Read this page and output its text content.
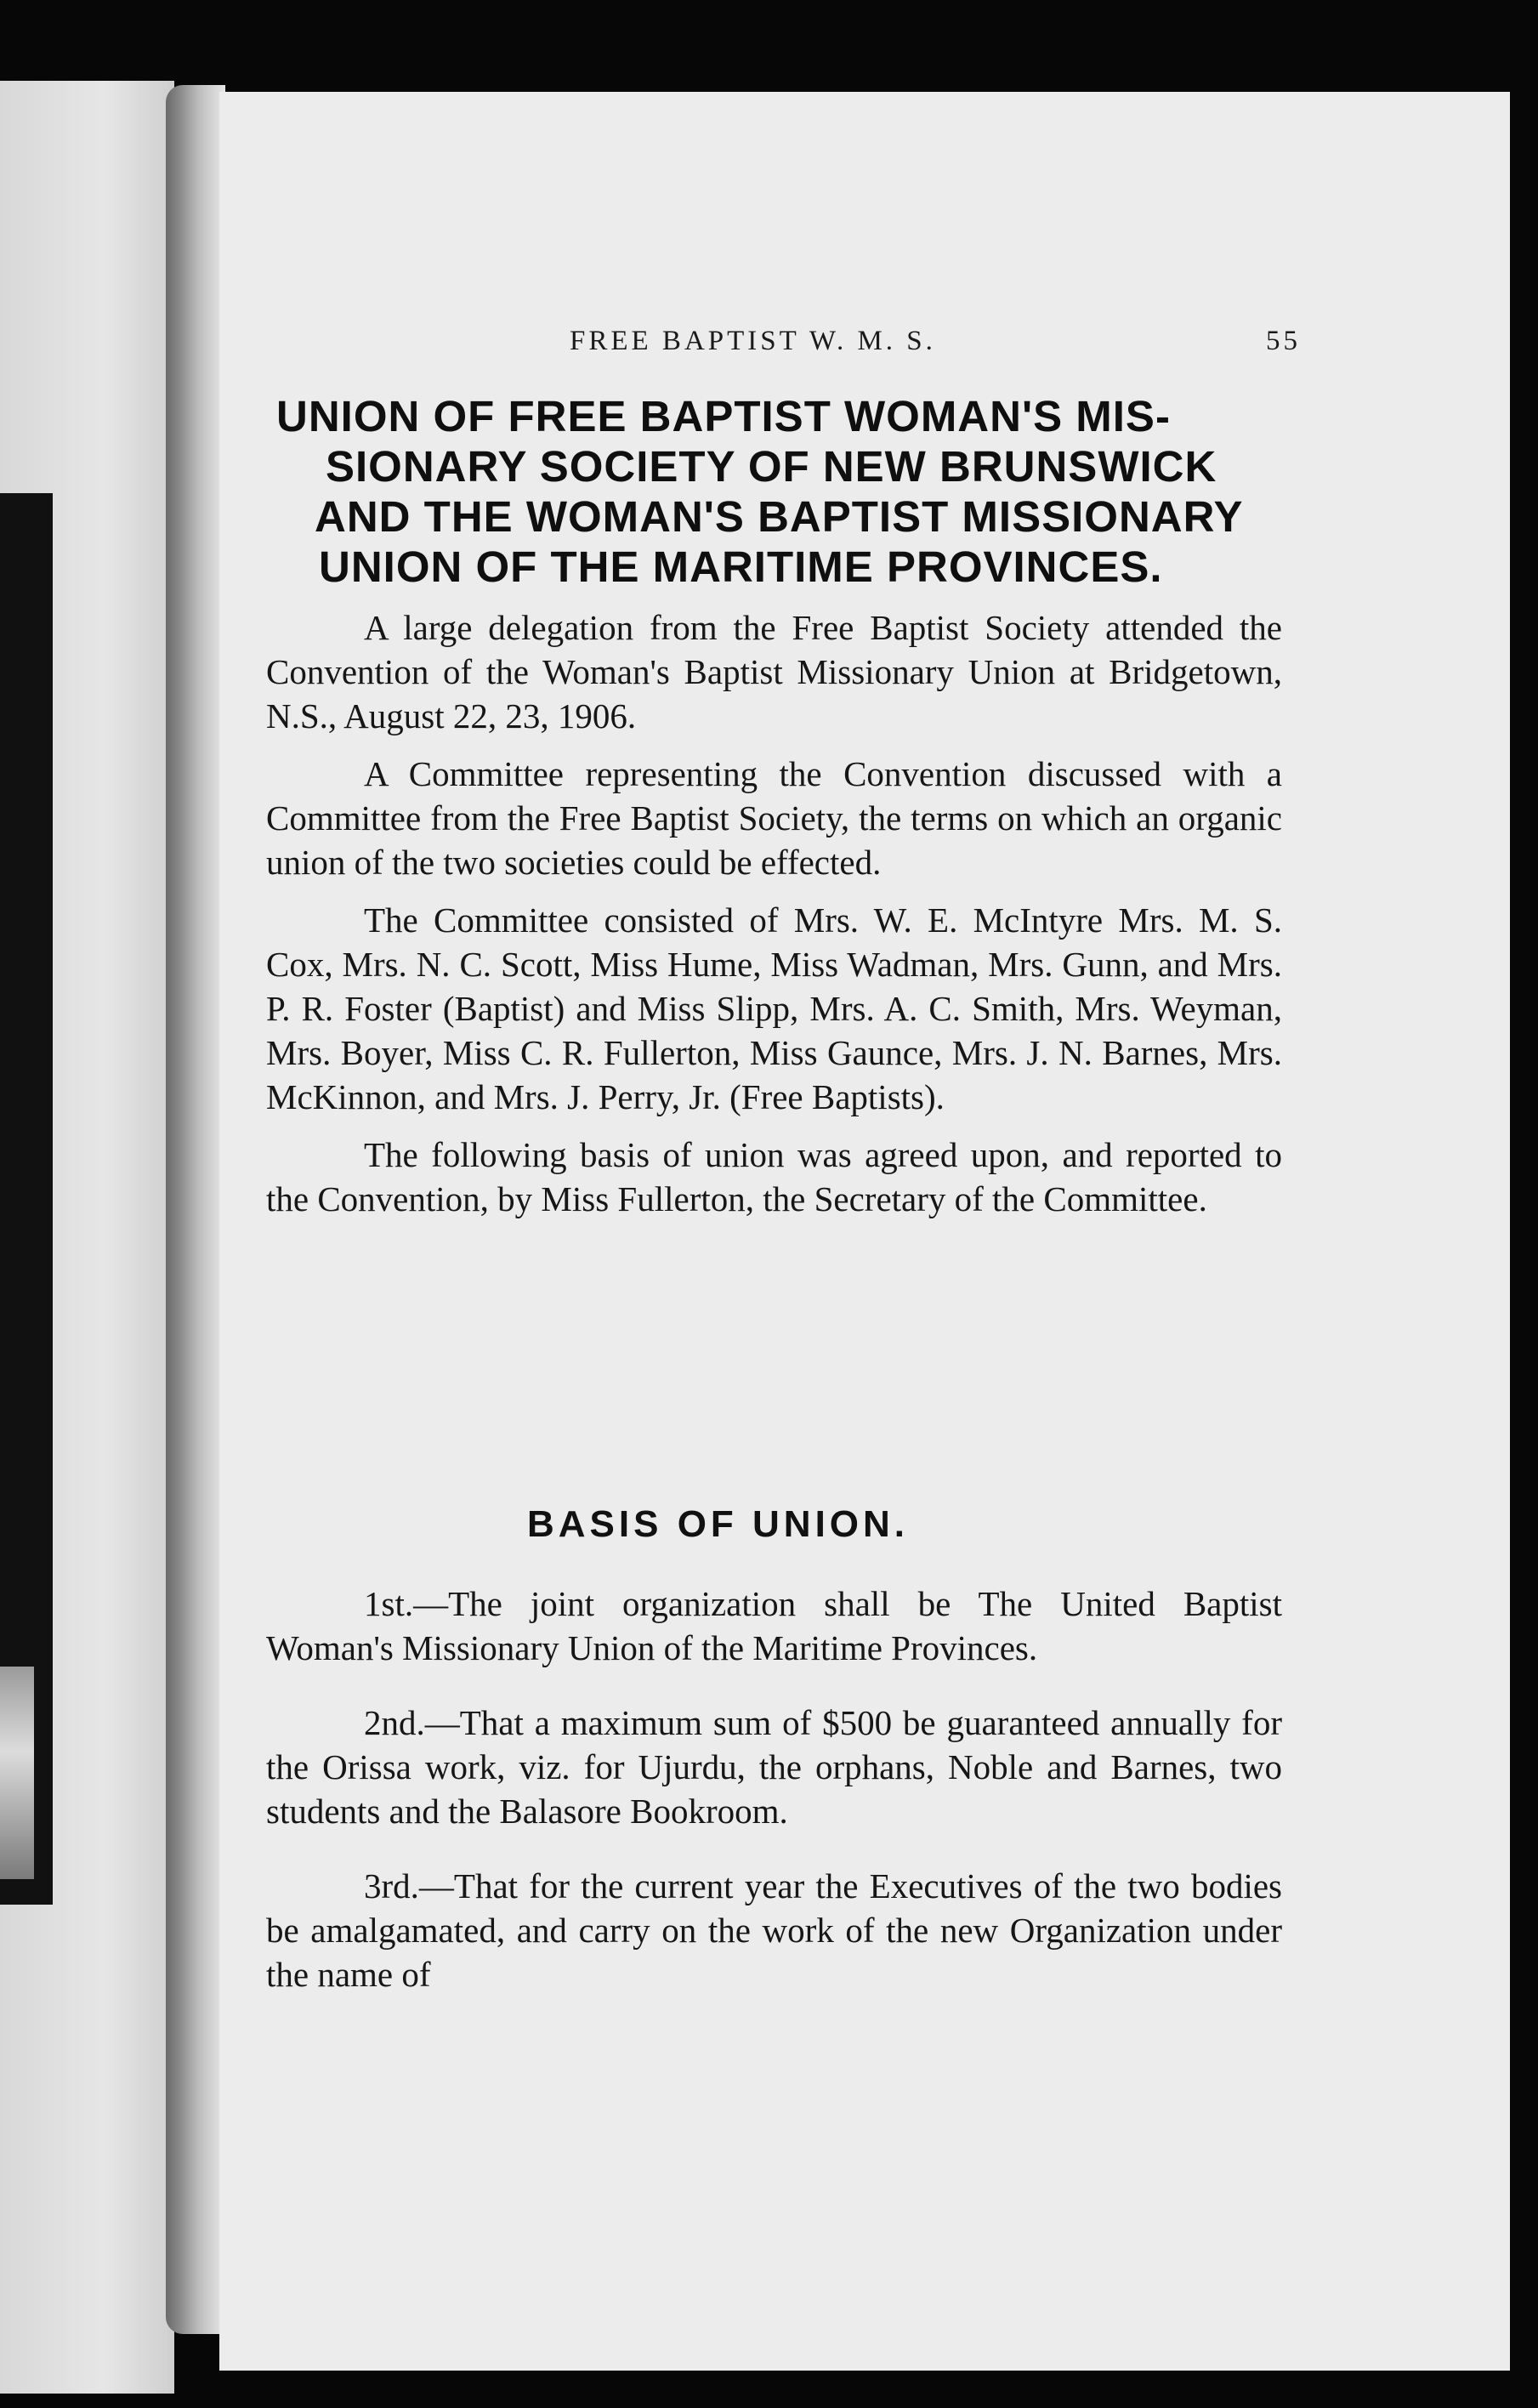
FREE BAPTIST W. M. S.	55
UNION OF FREE BAPTIST WOMAN'S MIS-
SIONARY SOCIETY OF NEW BRUNSWICK
AND THE WOMAN'S BAPTIST MISSIONARY
UNION OF THE MARITIME PROVINCES.

A large delegation from the Free Baptist Society attended the Convention of the Woman's Baptist Missionary Union at Bridgetown, N.S., August 22, 23, 1906.

A Committee representing the Convention discussed with a Committee from the Free Baptist Society, the terms on which an organic union of the two societies could be effected.

The Committee consisted of Mrs. W. E. McIntyre Mrs. M. S. Cox, Mrs. N. C. Scott, Miss Hume, Miss Wadman, Mrs. Gunn, and Mrs. P. R. Foster (Baptist) and Miss Slipp, Mrs. A. C. Smith, Mrs. Weyman, Mrs. Boyer, Miss C. R. Fullerton, Miss Gaunce, Mrs. J. N. Barnes, Mrs. McKinnon, and Mrs. J. Perry, Jr. (Free Baptists).

The following basis of union was agreed upon, and reported to the Convention, by Miss Fullerton, the Secretary of the Committee.

BASIS OF UNION.

1st.—The joint organization shall be The United Baptist Woman's Missionary Union of the Maritime Provinces.

2nd.—That a maximum sum of $500 be guaranteed annually for the Orissa work, viz. for Ujurdu, the orphans, Noble and Barnes, two students and the Balasore Bookroom.

3rd.—That for the current year the Executives of the two bodies be amalgamated, and carry on the work of the new Organization under the name of
